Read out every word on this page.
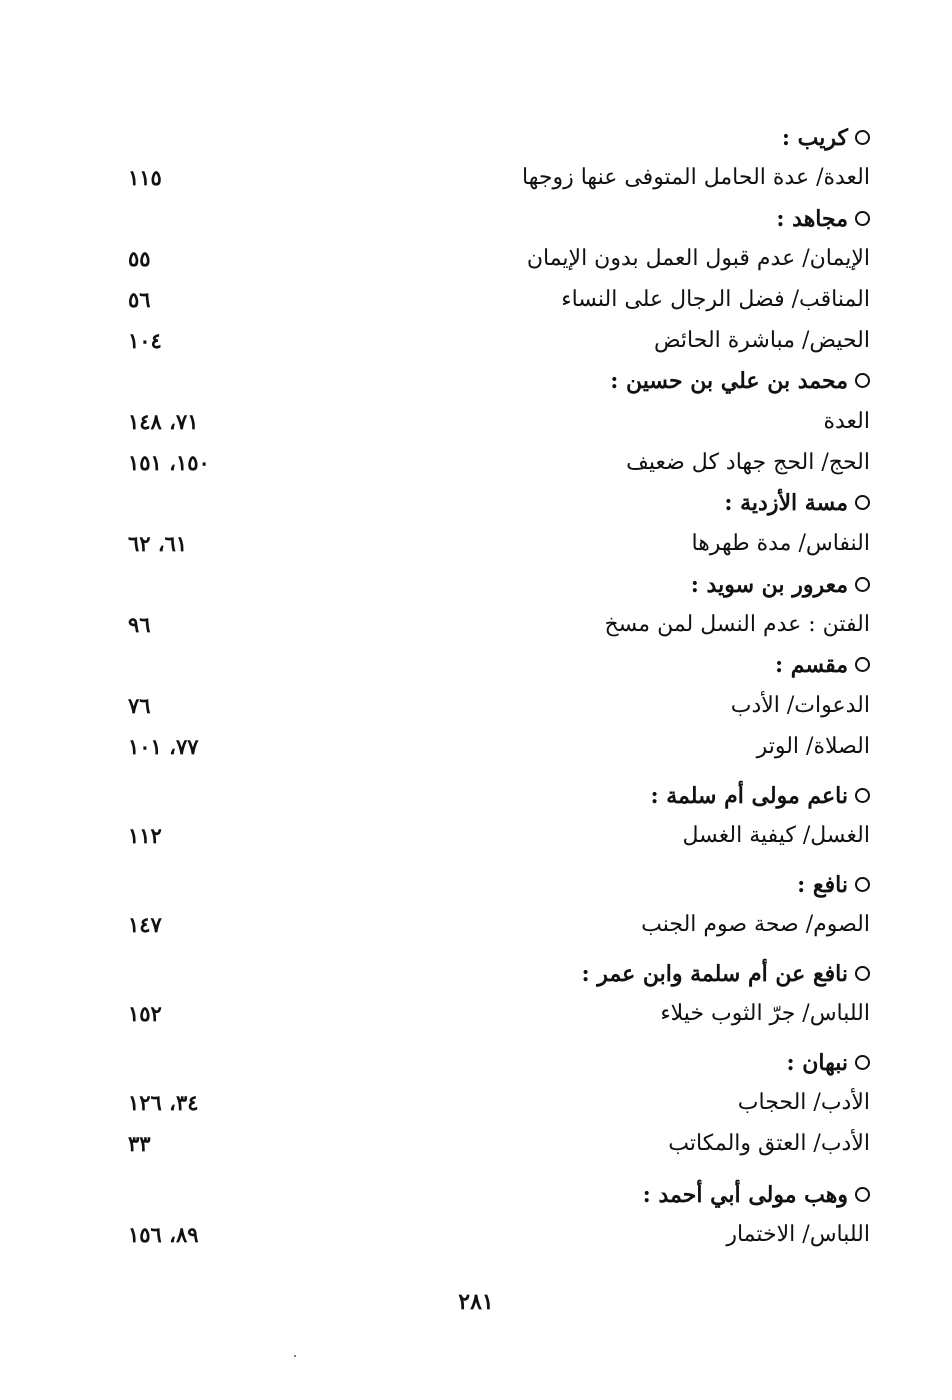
كريب :
العدة/ عدة الحامل المتوفى عنها زوجها
١١٥
مجاهد :
الإيمان/ عدم قبول العمل بدون الإيمان
٥٥
المناقب/ فضل الرجال على النساء
٥٦
الحيض/ مباشرة الحائض
١٠٤
محمد بن علي بن حسين :
العدة
٧١، ١٤٨
الحج/ الحج جهاد كل ضعيف
١٥٠، ١٥١
مسة الأزدية :
النفاس/ مدة طهرها
٦١، ٦٢
معرور بن سويد :
الفتن : عدم النسل لمن مسخ
٩٦
مقسم :
الدعوات/ الأدب
٧٦
الصلاة/ الوتر
٧٧، ١٠١
ناعم مولى أم سلمة :
الغسل/ كيفية الغسل
١١٢
نافع :
الصوم/ صحة صوم الجنب
١٤٧
نافع عن أم سلمة وابن عمر :
اللباس/ جرّ الثوب خيلاء
١٥٢
نبهان :
الأدب/ الحجاب
٣٤، ١٢٦
الأدب/ العتق والمكاتب
٣٣
وهب مولى أبي أحمد :
اللباس/ الاختمار
٨٩، ١٥٦
٢٨١
